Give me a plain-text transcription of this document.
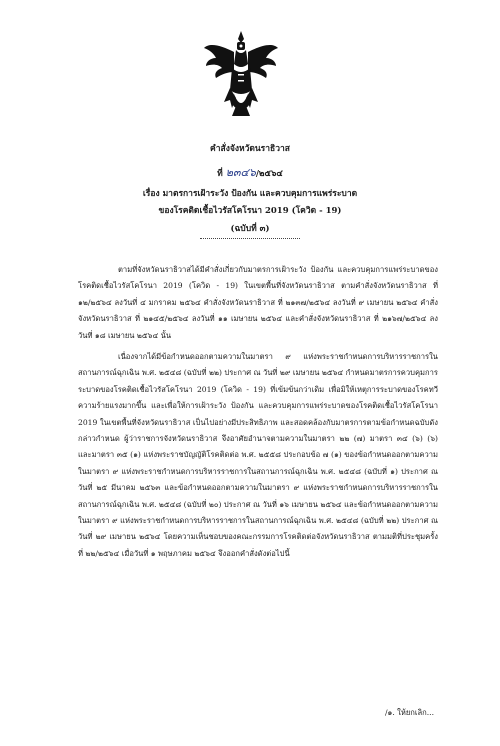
คำสั่งจังหวัดนราธิวาส
ที่ ๒๓๔๖/๒๕๖๔
เรื่อง มาตรการเฝ้าระวัง ป้องกัน และควบคุมการแพร่ระบาด
ของโรคติดเชื้อไวรัสโคโรนา 2019 (โควิด - 19)
(ฉบับที่ ๓)
ตามที่จังหวัดนราธิวาสได้มีคำสั่งเกี่ยวกับมาตรการเฝ้าระวัง ป้องกัน และควบคุมการแพร่ระบาดของโรคติดเชื้อไวรัสโคโรนา 2019 (โควิด - 19) ในเขตพื้นที่จังหวัดนราธิวาส ตามคำสั่งจังหวัดนราธิวาส ที่ ๑๒/๒๕๖๔ ลงวันที่ ๔ มกราคม ๒๕๖๔ คำสั่งจังหวัดนราธิวาส ที่ ๒๑๓๗/๒๕๖๔ ลงวันที่ ๙ เมษายน ๒๕๖๔ คำสั่งจังหวัดนราธิวาส ที่ ๒๑๔๕/๒๕๖๔ ลงวันที่ ๑๑ เมษายน ๒๕๖๔ และคำสั่งจังหวัดนราธิวาส ที่ ๒๑๖๗/๒๕๖๔ ลงวันที่ ๑๘ เมษายน ๒๕๖๔ นั้น
เนื่องจากได้มีข้อกำหนดออกตามความในมาตรา ๙ แห่งพระราชกำหนดการบริหารราชการในสถานการณ์ฉุกเฉิน พ.ศ. ๒๕๔๘ (ฉบับที่ ๒๒) ประกาศ ณ วันที่ ๒๙ เมษายน ๒๕๖๔ กำหนดมาตรการควบคุมการระบาดของโรคติดเชื้อไวรัสโคโรนา 2019 (โควิด - 19) ที่เข้มข้นกว่าเดิม เพื่อมิให้เหตุการระบาดของโรคทวีความร้ายแรงมากขึ้น และเพื่อให้การเฝ้าระวัง ป้องกัน และควบคุมการแพร่ระบาดของโรคติดเชื้อไวรัสโคโรนา 2019 ในเขตพื้นที่จังหวัดนราธิวาส เป็นไปอย่างมีประสิทธิภาพ และสอดคล้องกับมาตรการตามข้อกำหนดฉบับดังกล่าวกำหนด ผู้ว่าราชการจังหวัดนราธิวาส จึงอาศัยอำนาจตามความในมาตรา ๒๒ (๗) มาตรา ๓๔ (๖) (๖) และมาตรา ๓๕ (๑) แห่งพระราชบัญญัติโรคติดต่อ พ.ศ. ๒๕๕๘ ประกอบข้อ ๗ (๑) ของข้อกำหนดออกตามความในมาตรา ๙ แห่งพระราชกำหนดการบริหารราชการในสถานการณ์ฉุกเฉิน พ.ศ. ๒๕๔๘ (ฉบับที่ ๑) ประกาศ ณ วันที่ ๒๕ มีนาคม ๒๕๖๓ และข้อกำหนดออกตามความในมาตรา ๙ แห่งพระราชกำหนดการบริหารราชการในสถานการณ์ฉุกเฉิน พ.ศ. ๒๕๔๘ (ฉบับที่ ๒๐) ประกาศ ณ วันที่ ๑๖ เมษายน ๒๕๖๔ และข้อกำหนดออกตามความในมาตรา ๙ แห่งพระราชกำหนดการบริหารราชการในสถานการณ์ฉุกเฉิน พ.ศ. ๒๕๔๘ (ฉบับที่ ๒๒) ประกาศ ณ วันที่ ๒๙ เมษายน ๒๕๖๔ โดยความเห็นชอบของคณะกรรมการโรคติดต่อจังหวัดนราธิวาส ตามมติที่ประชุมครั้งที่ ๒๒/๒๕๖๔ เมื่อวันที่ ๑ พฤษภาคม ๒๕๖๔ จึงออกคำสั่งดังต่อไปนี้
/๑. ให้ยกเลิก...
